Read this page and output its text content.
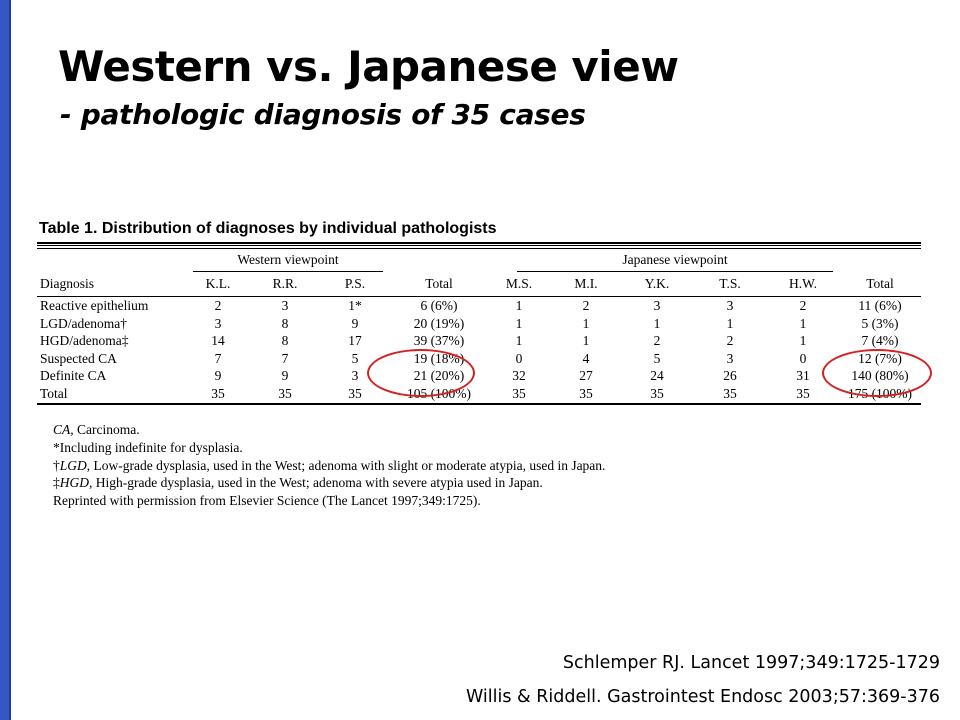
Western vs. Japanese view
- pathologic diagnosis of 35 cases
Table 1. Distribution of diagnoses by individual pathologists

	Western viewpoint				Japanese viewpoint					

Diagnosis	K.L.	R.R.	P.S.	Total	M.S.	M.I.	Y.K.	T.S.	H.W.	Total
Reactive epithelium	2	3	1*	6 (6%)	1	2	3	3	2	11 (6%)
LGD/adenoma†	3	8	9	20 (19%)	1	1	1	1	1	5 (3%)
HGD/adenoma‡	14	8	17	39 (37%)	1	1	2	2	1	7 (4%)
Suspected CA	7	7	5	19 (18%)	0	4	5	3	0	12 (7%)
Definite CA	9	9	3	21 (20%)	32	27	24	26	31	140 (80%)
Total	35	35	35	105 (100%)	35	35	35	35	35	175 (100%)
CA, Carcinoma.
*Including indefinite for dysplasia.
†LGD, Low-grade dysplasia, used in the West; adenoma with slight or moderate atypia, used in Japan.
‡HGD, High-grade dysplasia, used in the West; adenoma with severe atypia used in Japan.
Reprinted with permission from Elsevier Science (The Lancet 1997;349:1725).
Schlemper RJ. Lancet 1997;349:1725-1729
Willis & Riddell. Gastrointest Endosc 2003;57:369-376
